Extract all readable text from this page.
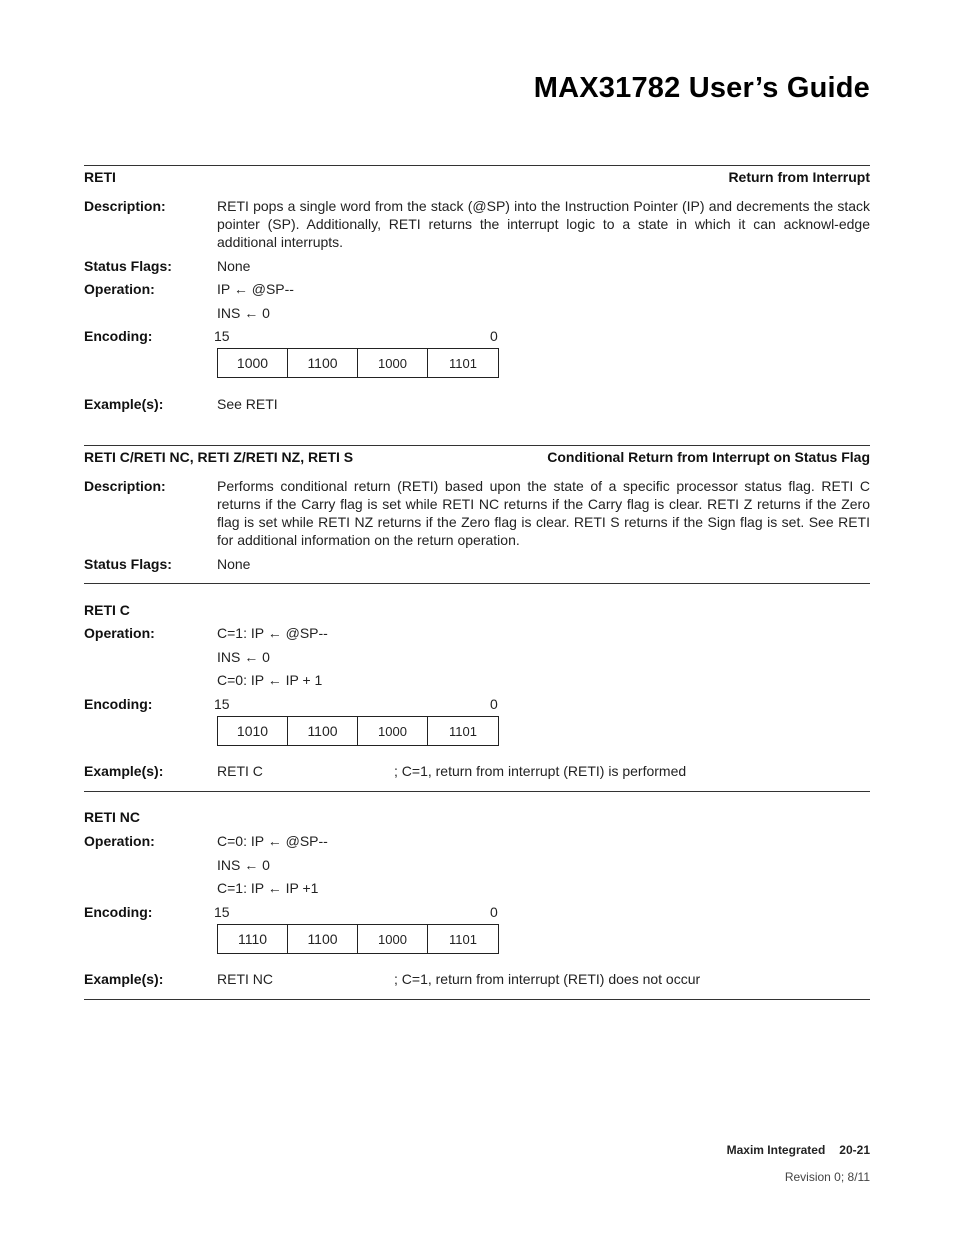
MAX31782 User’s Guide
RETI	Return from Interrupt
Description:	RETI pops a single word from the stack (@SP) into the Instruction Pointer (IP) and decrements the stack pointer (SP). Additionally, RETI returns the interrupt logic to a state in which it can acknowl-edge additional interrupts.
Status Flags:	None
Operation:	IP ← @SP--
INS ← 0
Encoding:	15	0
1000	1100	1000	1101
Example(s):	See RETI
RETI C/RETI NC, RETI Z/RETI NZ, RETI S	Conditional Return from Interrupt on Status Flag
Description:	Performs conditional return (RETI) based upon the state of a specific processor status flag. RETI C returns if the Carry flag is set while RETI NC returns if the Carry flag is clear. RETI Z returns if the Zero flag is set while RETI NZ returns if the Zero flag is clear. RETI S returns if the Sign flag is set. See RETI for additional information on the return operation.
Status Flags:	None
RETI C
Operation:	C=1: IP ← @SP--
INS ← 0
C=0: IP ← IP + 1
Encoding:	15	0
1010	1100	1000	1101
Example(s):	RETI C	; C=1, return from interrupt (RETI) is performed
RETI NC
Operation:	C=0: IP ← @SP--
INS ← 0
C=1: IP ← IP +1
Encoding:	15	0
1110	1100	1000	1101
Example(s):	RETI NC	; C=1, return from interrupt (RETI) does not occur
Maxim Integrated 20-21
Revision 0; 8/11
